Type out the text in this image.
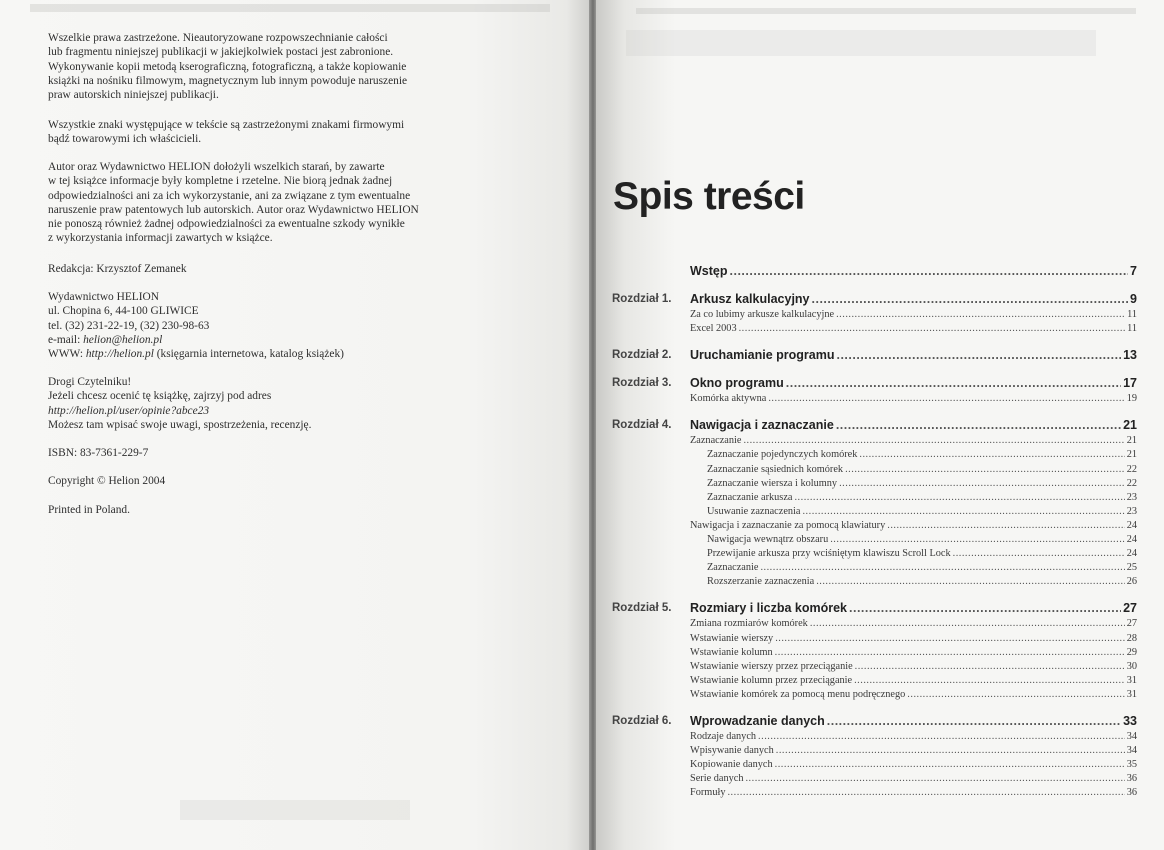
Wszelkie prawa zastrzeżone. Nieautoryzowane rozpowszechnianie całości
lub fragmentu niniejszej publikacji w jakiejkolwiek postaci jest zabronione.
Wykonywanie kopii metodą kserograficzną, fotograficzną, a także kopiowanie
książki na nośniku filmowym, magnetycznym lub innym powoduje naruszenie
praw autorskich niniejszej publikacji.
Wszystkie znaki występujące w tekście są zastrzeżonymi znakami firmowymi
bądź towarowymi ich właścicieli.
Autor oraz Wydawnictwo HELION dołożyli wszelkich starań, by zawarte
w tej książce informacje były kompletne i rzetelne. Nie biorą jednak żadnej
odpowiedzialności ani za ich wykorzystanie, ani za związane z tym ewentualne
naruszenie praw patentowych lub autorskich. Autor oraz Wydawnictwo HELION
nie ponoszą również żadnej odpowiedzialności za ewentualne szkody wynikłe
z wykorzystania informacji zawartych w książce.
Redakcja: Krzysztof Zemanek
Wydawnictwo HELION
ul. Chopina 6, 44-100 GLIWICE
tel. (32) 231-22-19, (32) 230-98-63
e-mail: helion@helion.pl
WWW: http://helion.pl (księgarnia internetowa, katalog książek)
Drogi Czytelniku!
Jeżeli chcesz ocenić tę książkę, zajrzyj pod adres
http://helion.pl/user/opinie?abce23
Możesz tam wpisać swoje uwagi, spostrzeżenia, recenzję.
ISBN: 83-7361-229-7
Copyright © Helion 2004
Printed in Poland.
Spis treści
Wstęp .....	7
Rozdział 1. Arkusz kalkulacyjny .....	9
Za co lubimy arkusze kalkulacyjne .....	11
Excel 2003 .....	11
Rozdział 2. Uruchamianie programu .....	13
Rozdział 3. Okno programu .....	17
Komórka aktywna .....	19
Rozdział 4. Nawigacja i zaznaczanie .....	21
Zaznaczanie .....	21
Zaznaczanie pojedynczych komórek .....	21
Zaznaczanie sąsiednich komórek .....	22
Zaznaczanie wiersza i kolumny .....	22
Zaznaczanie arkusza .....	23
Usuwanie zaznaczenia .....	23
Nawigacja i zaznaczanie za pomocą klawiatury .....	24
Nawigacja wewnątrz obszaru .....	24
Przewijanie arkusza przy wciśniętym klawiszu Scroll Lock .....	24
Zaznaczanie .....	25
Rozszerzanie zaznaczenia .....	26
Rozdział 5. Rozmiary i liczba komórek .....	27
Zmiana rozmiarów komórek .....	27
Wstawianie wierszy .....	28
Wstawianie kolumn .....	29
Wstawianie wierszy przez przeciąganie .....	30
Wstawianie kolumn przez przeciąganie .....	31
Wstawianie komórek za pomocą menu podręcznego .....	31
Rozdział 6. Wprowadzanie danych .....	33
Rodzaje danych .....	34
Wpisywanie danych .....	34
Kopiowanie danych .....	35
Serie danych .....	36
Formuły .....	36
